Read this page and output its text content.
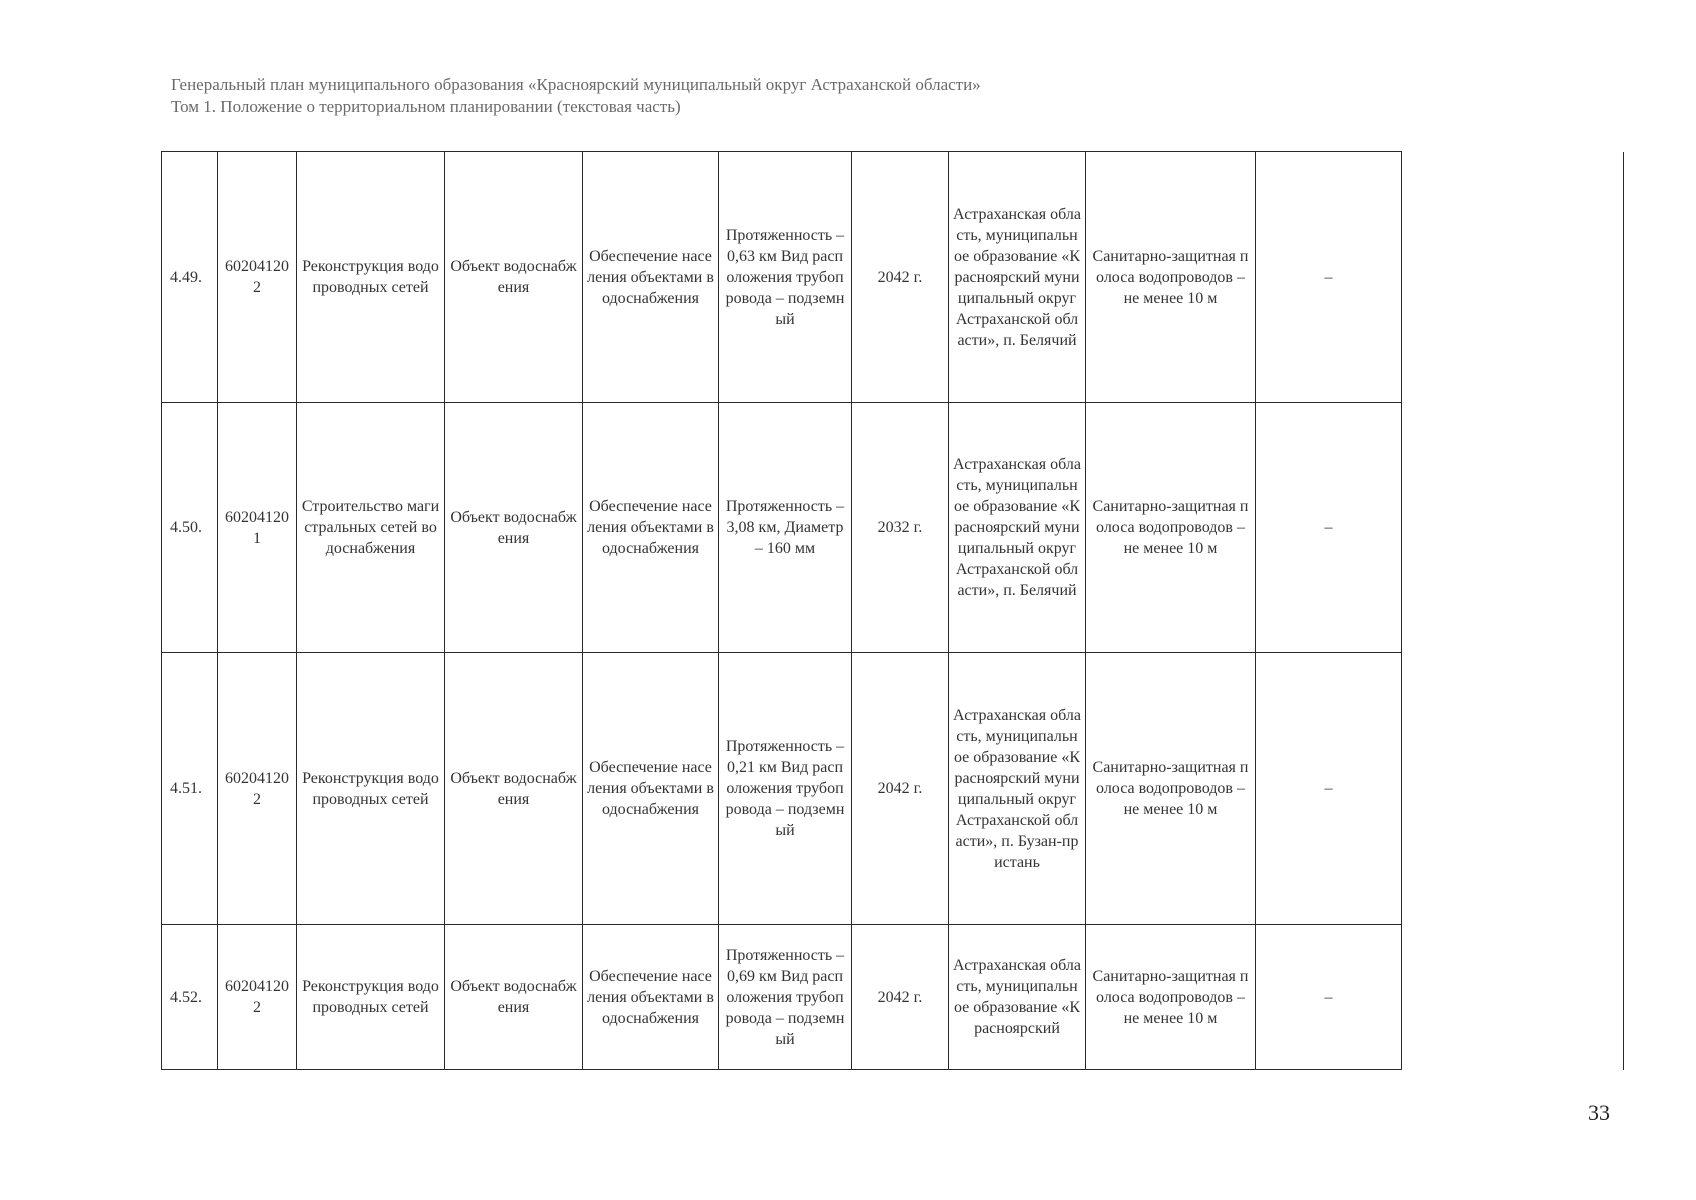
Генеральный план муниципального образования «Красноярский муниципальный округ Астраханской области»
Том 1. Положение о территориальном планировании (текстовая часть)
4.49.	602041202	Реконструкция водопроводных сетей	Объект водоснабжения	Обеспечение населения объектами водоснабжения	Протяженность – 0,63 км Вид расположения трубопровода – подземный	2042 г.	Астраханская область, муниципальное образование «Красноярский муниципальный округ Астраханской области», п. Белячий	Санитарно-защитная полоса водопроводов – не менее 10 м	–	
4.50.	602041201	Строительство магистральных сетей водоснабжения	Объект водоснабжения	Обеспечение населения объектами водоснабжения	Протяженность – 3,08 км, Диаметр – 160 мм	2032 г.	Астраханская область, муниципальное образование «Красноярский муниципальный округ Астраханской области», п. Белячий	Санитарно-защитная полоса водопроводов – не менее 10 м	–	
4.51.	602041202	Реконструкция водопроводных сетей	Объект водоснабжения	Обеспечение населения объектами водоснабжения	Протяженность – 0,21 км Вид расположения трубопровода – подземный	2042 г.	Астраханская область, муниципальное образование «Красноярский муниципальный округ Астраханской области», п. Бузан-пристань	Санитарно-защитная полоса водопроводов – не менее 10 м	–	
4.52.	602041202	Реконструкция водопроводных сетей	Объект водоснабжения	Обеспечение населения объектами водоснабжения	Протяженность – 0,69 км Вид расположения трубопровода – подземный	2042 г.	Астраханская область, муниципальное образование «Красноярский	Санитарно-защитная полоса водопроводов – не менее 10 м	–	
33
